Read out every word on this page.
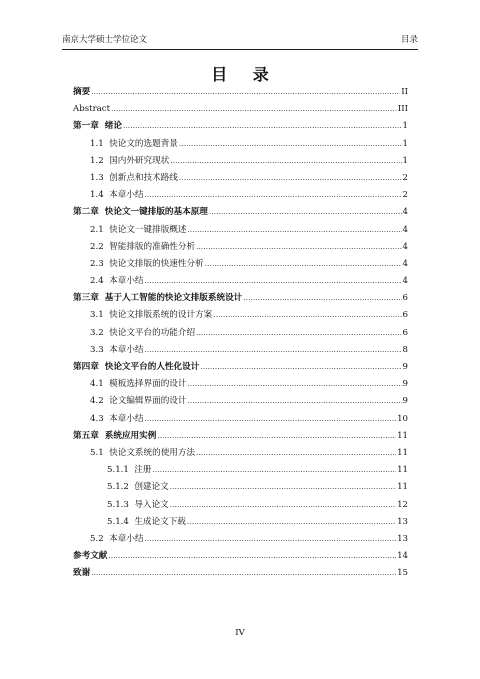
南京大学硕士学位论文	目录
目 录
摘要 .....	II
Abstract .....	III
第一章  绪论 .....	1
1.1  快论文的选题背景 .....	1
1.2  国内外研究现状 .....	1
1.3  创新点和技术路线 .....	2
1.4  本章小结 .....	2
第二章  快论文一键排版的基本原理 .....	4
2.1  快论文一键排版概述 .....	4
2.2  智能排版的准确性分析 .....	4
2.3  快论文排版的快速性分析 .....	4
2.4  本章小结 .....	4
第三章  基于人工智能的快论文排版系统设计 .....	6
3.1  快论文排版系统的设计方案 .....	6
3.2  快论文平台的功能介绍 .....	6
3.3  本章小结 .....	8
第四章  快论文平台的人性化设计 .....	9
4.1  模板选择界面的设计 .....	9
4.2  论文编辑界面的设计 .....	9
4.3  本章小结 .....	10
第五章  系统应用实例 .....	11
5.1  快论文系统的使用方法 .....	11
5.1.1  注册 .....	11
5.1.2  创建论文 .....	11
5.1.3  导入论文 .....	12
5.1.4  生成论文下载 .....	13
5.2  本章小结 .....	13
参考文献 .....	14
致谢 .....	15
IV
